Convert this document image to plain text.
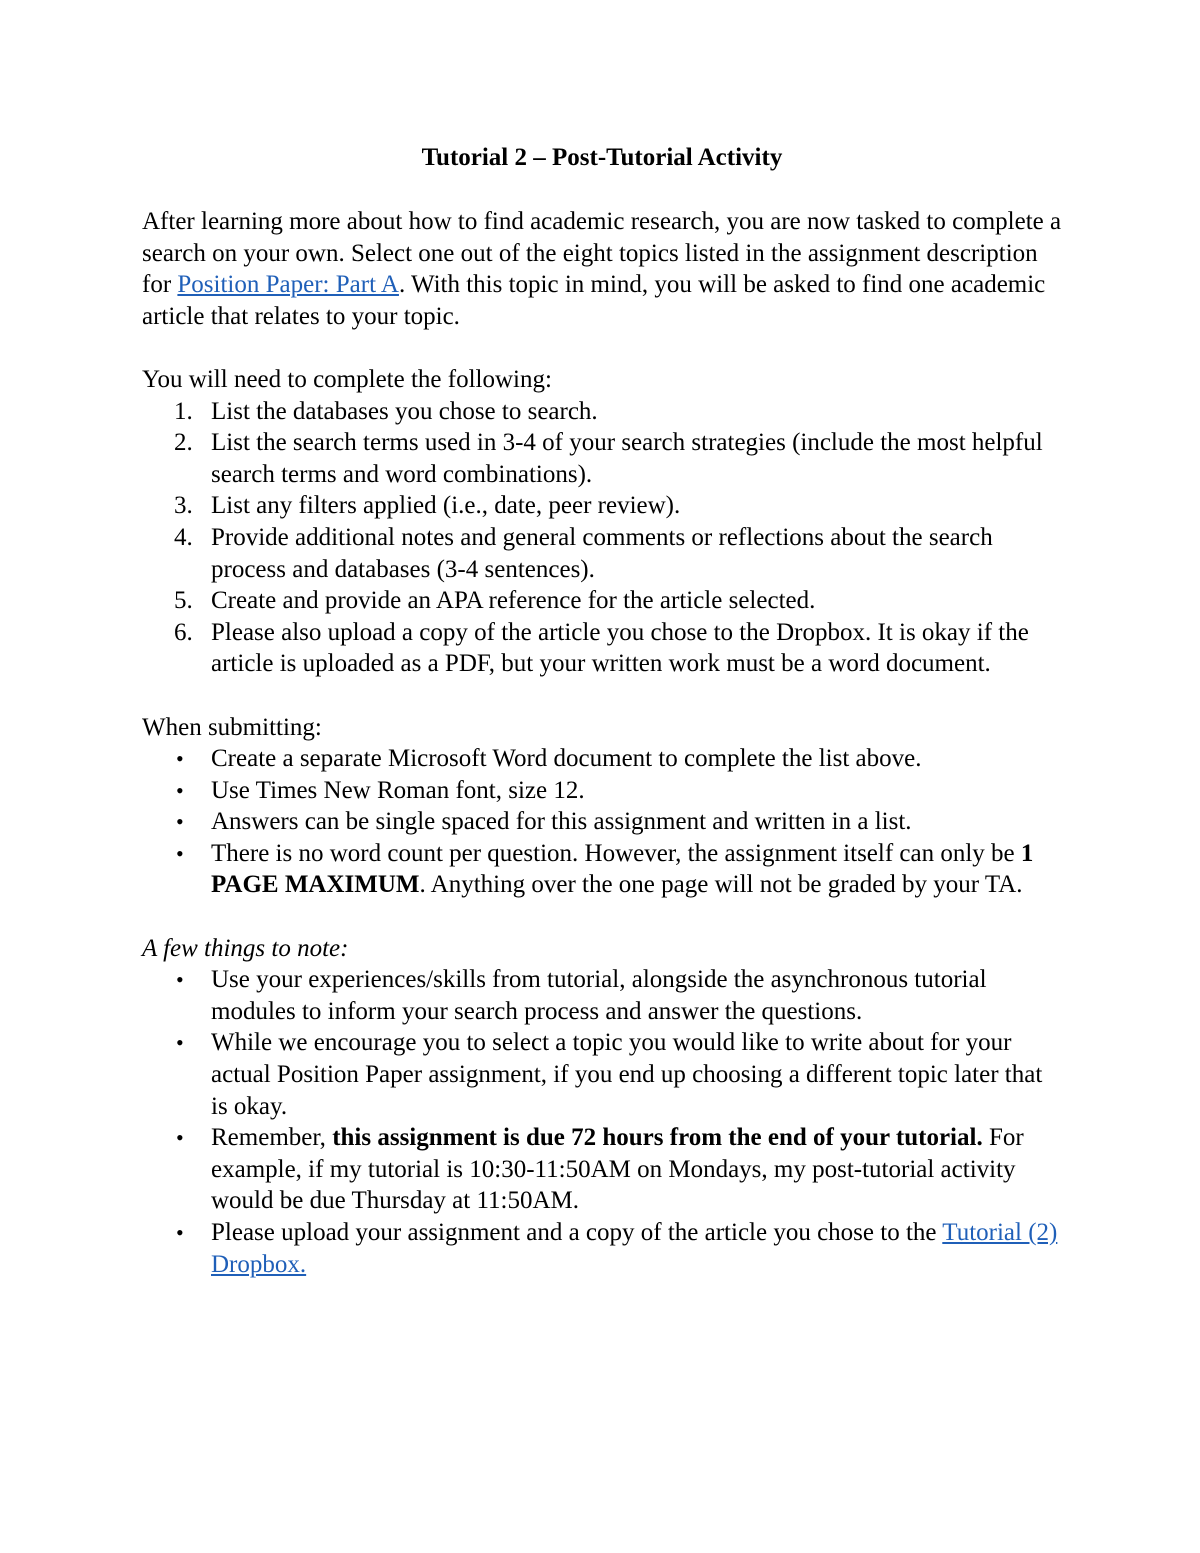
Tutorial 2 – Post-Tutorial Activity

After learning more about how to find academic research, you are now tasked to complete a search on your own. Select one out of the eight topics listed in the assignment description for Position Paper: Part A. With this topic in mind, you will be asked to find one academic article that relates to your topic.

You will need to complete the following:

1. List the databases you chose to search.
2. List the search terms used in 3-4 of your search strategies (include the most helpful search terms and word combinations).
3. List any filters applied (i.e., date, peer review).
4. Provide additional notes and general comments or reflections about the search process and databases (3-4 sentences).
5. Create and provide an APA reference for the article selected.
6. Please also upload a copy of the article you chose to the Dropbox. It is okay if the article is uploaded as a PDF, but your written work must be a word document.

When submitting:

• Create a separate Microsoft Word document to complete the list above.
• Use Times New Roman font, size 12.
• Answers can be single spaced for this assignment and written in a list.
• There is no word count per question. However, the assignment itself can only be 1 PAGE MAXIMUM. Anything over the one page will not be graded by your TA.

A few things to note:

• Use your experiences/skills from tutorial, alongside the asynchronous tutorial modules to inform your search process and answer the questions.
• While we encourage you to select a topic you would like to write about for your actual Position Paper assignment, if you end up choosing a different topic later that is okay.
• Remember, this assignment is due 72 hours from the end of your tutorial. For example, if my tutorial is 10:30-11:50AM on Mondays, my post-tutorial activity would be due Thursday at 11:50AM.
• Please upload your assignment and a copy of the article you chose to the Tutorial (2) Dropbox.
